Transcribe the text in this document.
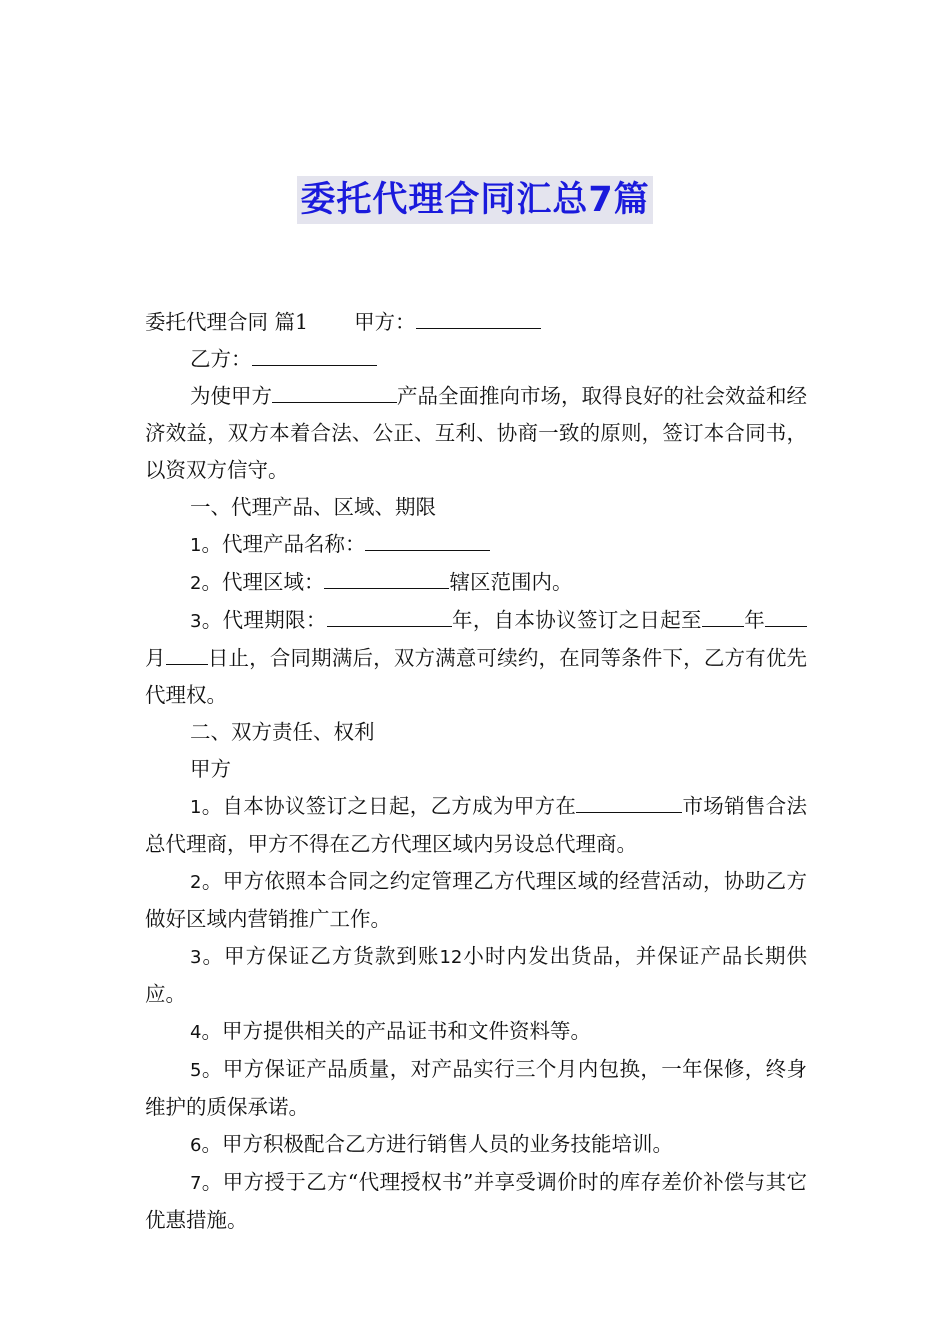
委托代理合同汇总7篇

委托代理合同 篇1 甲方：

乙方：

为使甲方	产品全面推向市场，取得良好的社会效益和经济效益，双方本着合法、公正、互利、协商一致的原则，签订本合同书，以资双方信守。

一、代理产品、区域、期限

1。代理产品名称：

2。代理区域：	辖区范围内。

3。代理期限：	年，自本协议签订之日起至 年月 日止，合同期满后，双方满意可续约，在同等条件下，乙方有优先代理权。

二、双方责任、权利

甲方

1。自本协议签订之日起，乙方成为甲方在	市场销售合法总代理商，甲方不得在乙方代理区域内另设总代理商。

2。甲方依照本合同之约定管理乙方代理区域的经营活动，协助乙方做好区域内营销推广工作。

3。甲方保证乙方货款到账12小时内发出货品，并保证产品长期供应。

4。甲方提供相关的产品证书和文件资料等。

5。甲方保证产品质量，对产品实行三个月内包换，一年保修，终身维护的质保承诺。

6。甲方积极配合乙方进行销售人员的业务技能培训。

7。甲方授于乙方“代理授权书”并享受调价时的库存差价补偿与其它优惠措施。
